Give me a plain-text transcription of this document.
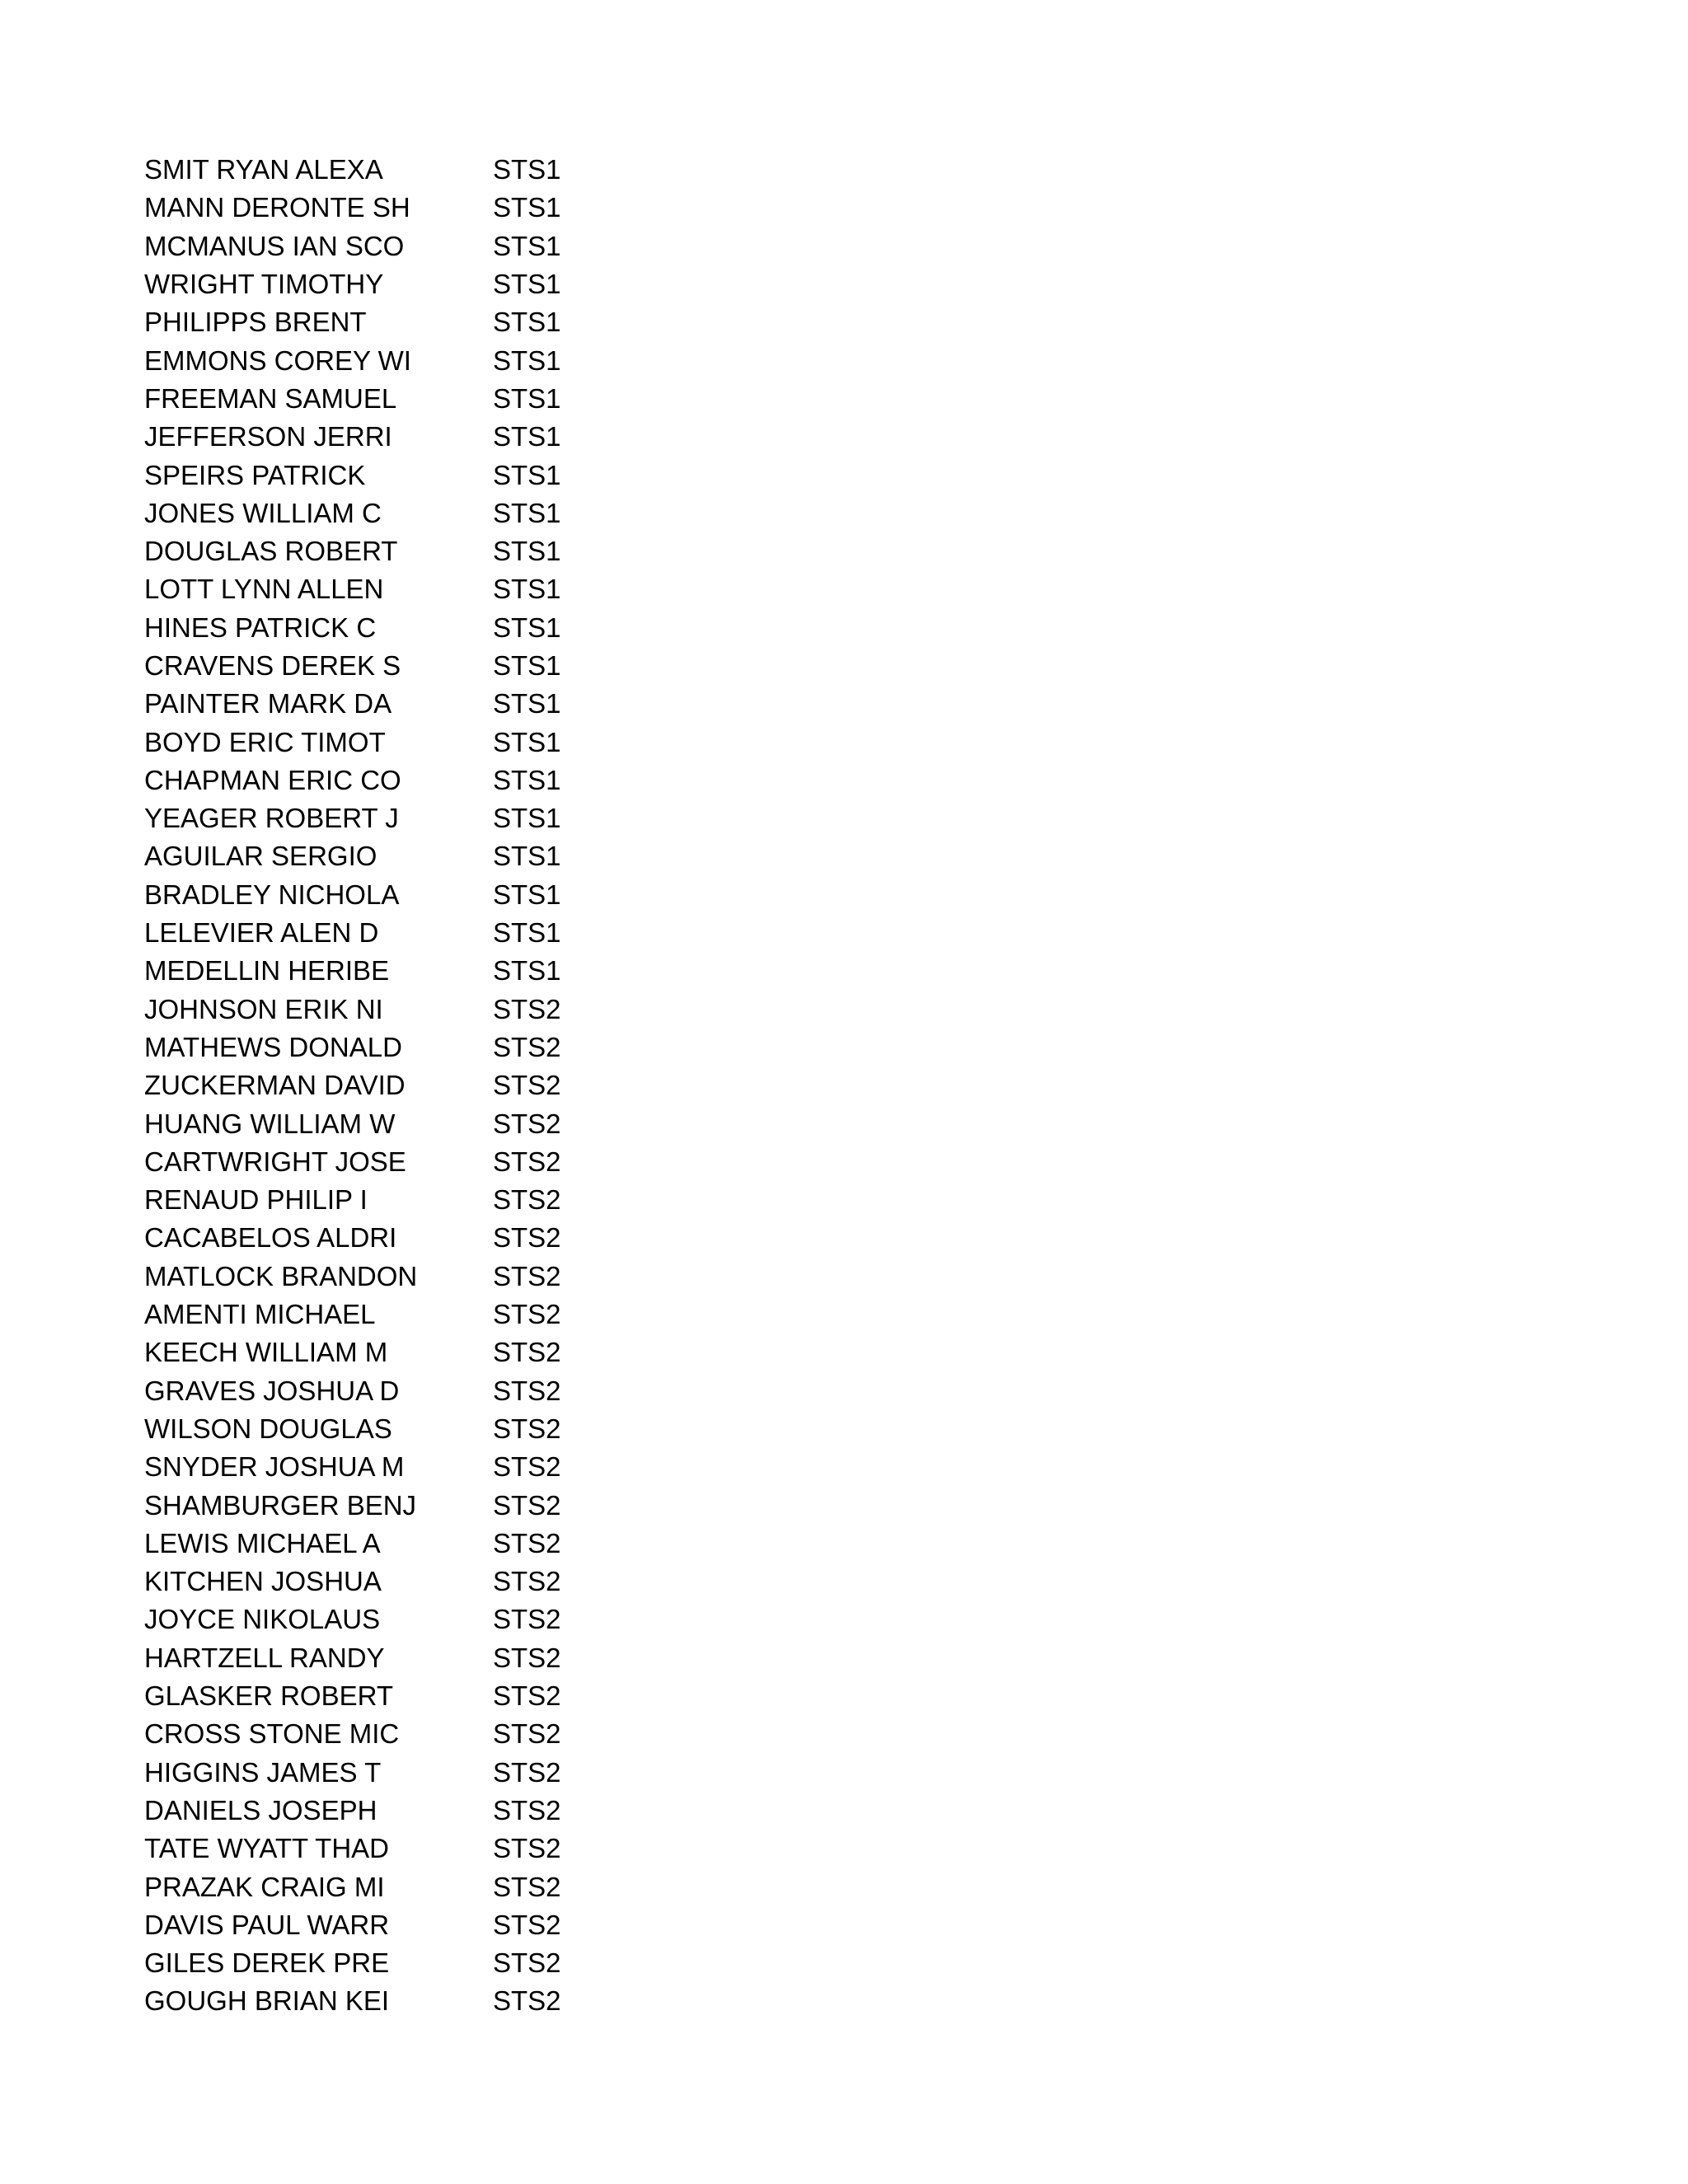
SMIT RYAN ALEXA	STS1
MANN DERONTE SH	STS1
MCMANUS IAN SCO	STS1
WRIGHT TIMOTHY	STS1
PHILIPPS BRENT	STS1
EMMONS COREY WI	STS1
FREEMAN SAMUEL	STS1
JEFFERSON JERRI	STS1
SPEIRS PATRICK	STS1
JONES WILLIAM C	STS1
DOUGLAS ROBERT	STS1
LOTT LYNN ALLEN	STS1
HINES PATRICK C	STS1
CRAVENS DEREK S	STS1
PAINTER MARK DA	STS1
BOYD ERIC TIMOT	STS1
CHAPMAN ERIC CO	STS1
YEAGER ROBERT J	STS1
AGUILAR SERGIO	STS1
BRADLEY NICHOLA	STS1
LELEVIER ALEN D	STS1
MEDELLIN HERIBE	STS1
JOHNSON ERIK NI	STS2
MATHEWS DONALD	STS2
ZUCKERMAN DAVID	STS2
HUANG WILLIAM W	STS2
CARTWRIGHT JOSE	STS2
RENAUD PHILIP I	STS2
CACABELOS ALDRI	STS2
MATLOCK BRANDON	STS2
AMENTI MICHAEL	STS2
KEECH WILLIAM M	STS2
GRAVES JOSHUA D	STS2
WILSON DOUGLAS	STS2
SNYDER JOSHUA M	STS2
SHAMBURGER BENJ	STS2
LEWIS MICHAEL A	STS2
KITCHEN JOSHUA	STS2
JOYCE NIKOLAUS	STS2
HARTZELL RANDY	STS2
GLASKER ROBERT	STS2
CROSS STONE MIC	STS2
HIGGINS JAMES T	STS2
DANIELS JOSEPH	STS2
TATE WYATT THAD	STS2
PRAZAK CRAIG MI	STS2
DAVIS PAUL WARR	STS2
GILES DEREK PRE	STS2
GOUGH BRIAN KEI	STS2
